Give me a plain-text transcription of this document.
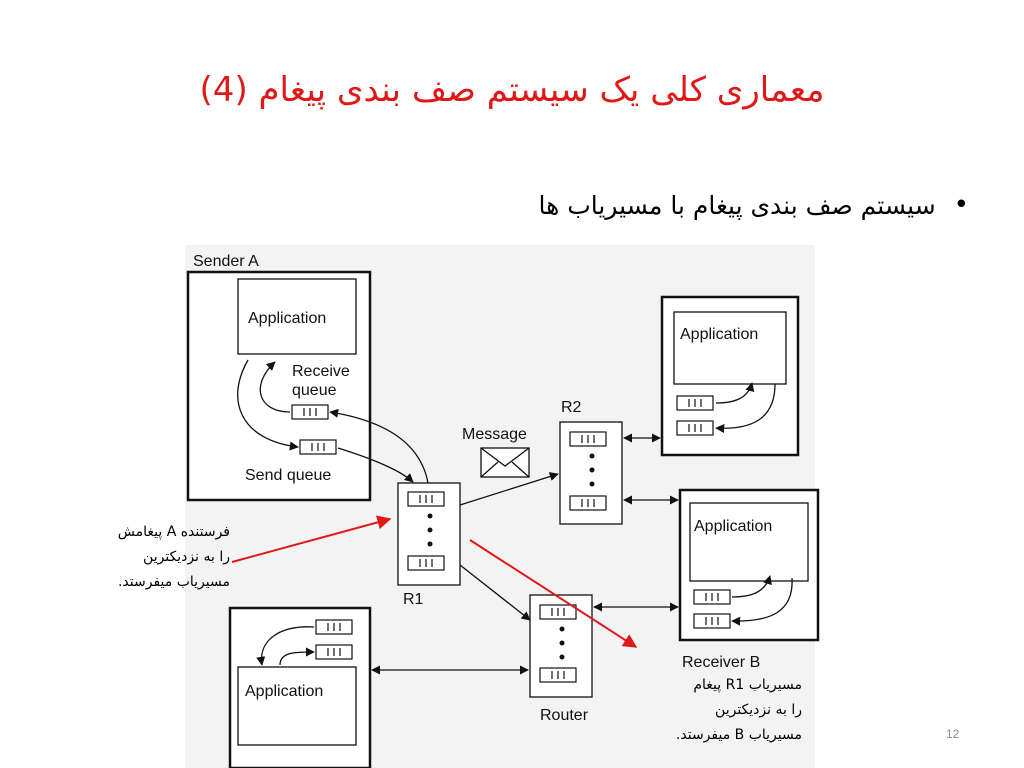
معماری کلی یک سیستم صف بندی پیغام (4)
•
سیستم صف بندی پیغام با مسیریاب ها
Sender A
Application
Receive
queue
Send queue
Message
R1
R2
Router
Application
Application
Receiver B
Application
فرستنده A پیغامش
را به نزدیکترین
مسیریاب میفرستد.
مسیریاب R1 پیغام
را به نزدیکترین
مسیریاب B میفرستد.	12
